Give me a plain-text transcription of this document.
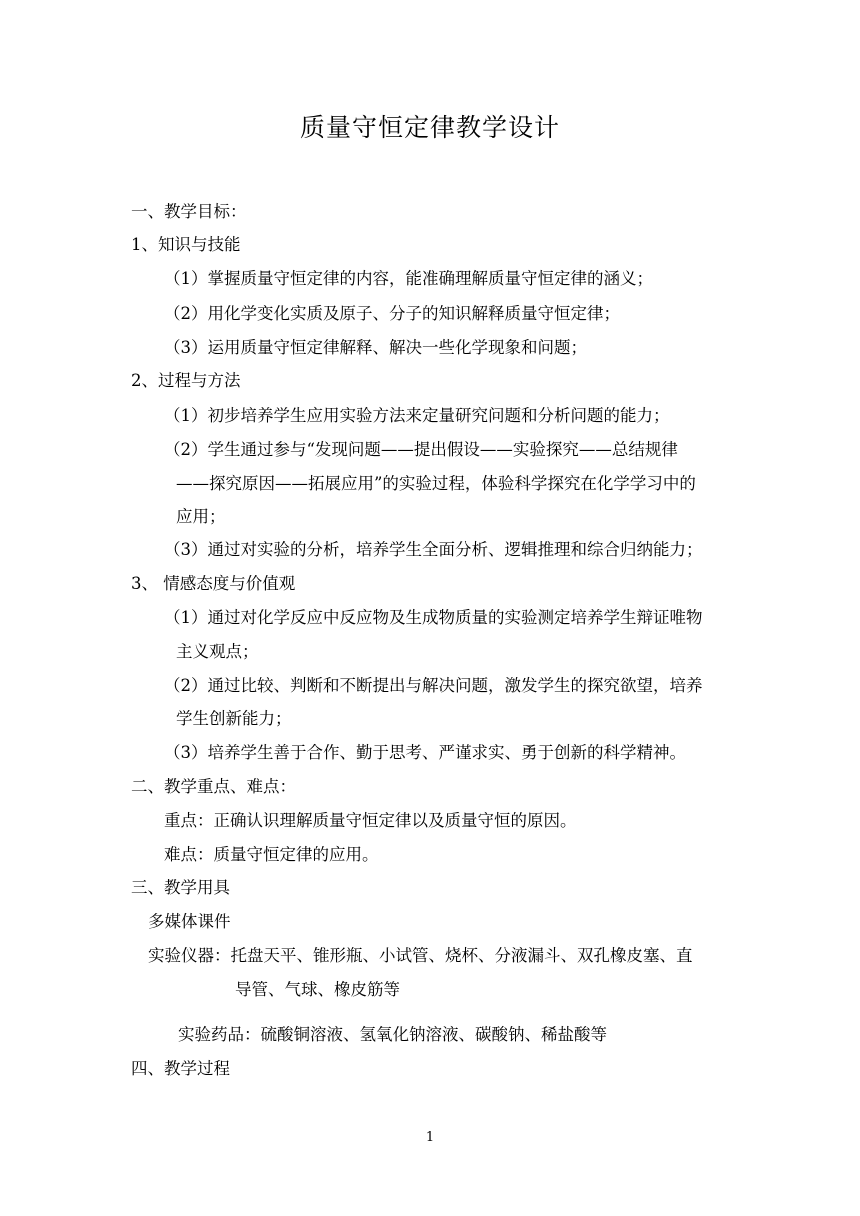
质量守恒定律教学设计
一、教学目标：
1、知识与技能
（1）掌握质量守恒定律的内容，能准确理解质量守恒定律的涵义；
（2）用化学变化实质及原子、分子的知识解释质量守恒定律；
（3）运用质量守恒定律解释、解决一些化学现象和问题；
2、过程与方法
（1）初步培养学生应用实验方法来定量研究问题和分析问题的能力；
（2）学生通过参与“发现问题——提出假设——实验探究——总结规律
——探究原因——拓展应用”的实验过程，体验科学探究在化学学习中的
应用；
（3）通过对实验的分析，培养学生全面分析、逻辑推理和综合归纳能力；
3、 情感态度与价值观
（1）通过对化学反应中反应物及生成物质量的实验测定培养学生辩证唯物
主义观点；
（2）通过比较、判断和不断提出与解决问题，激发学生的探究欲望，培养
学生创新能力；
（3）培养学生善于合作、勤于思考、严谨求实、勇于创新的科学精神。
二、教学重点、难点：
重点：正确认识理解质量守恒定律以及质量守恒的原因。
难点：质量守恒定律的应用。
三、教学用具
多媒体课件
实验仪器：托盘天平、锥形瓶、小试管、烧杯、分液漏斗、双孔橡皮塞、直
导管、气球、橡皮筋等
实验药品：硫酸铜溶液、氢氧化钠溶液、碳酸钠、稀盐酸等
四、教学过程
1
